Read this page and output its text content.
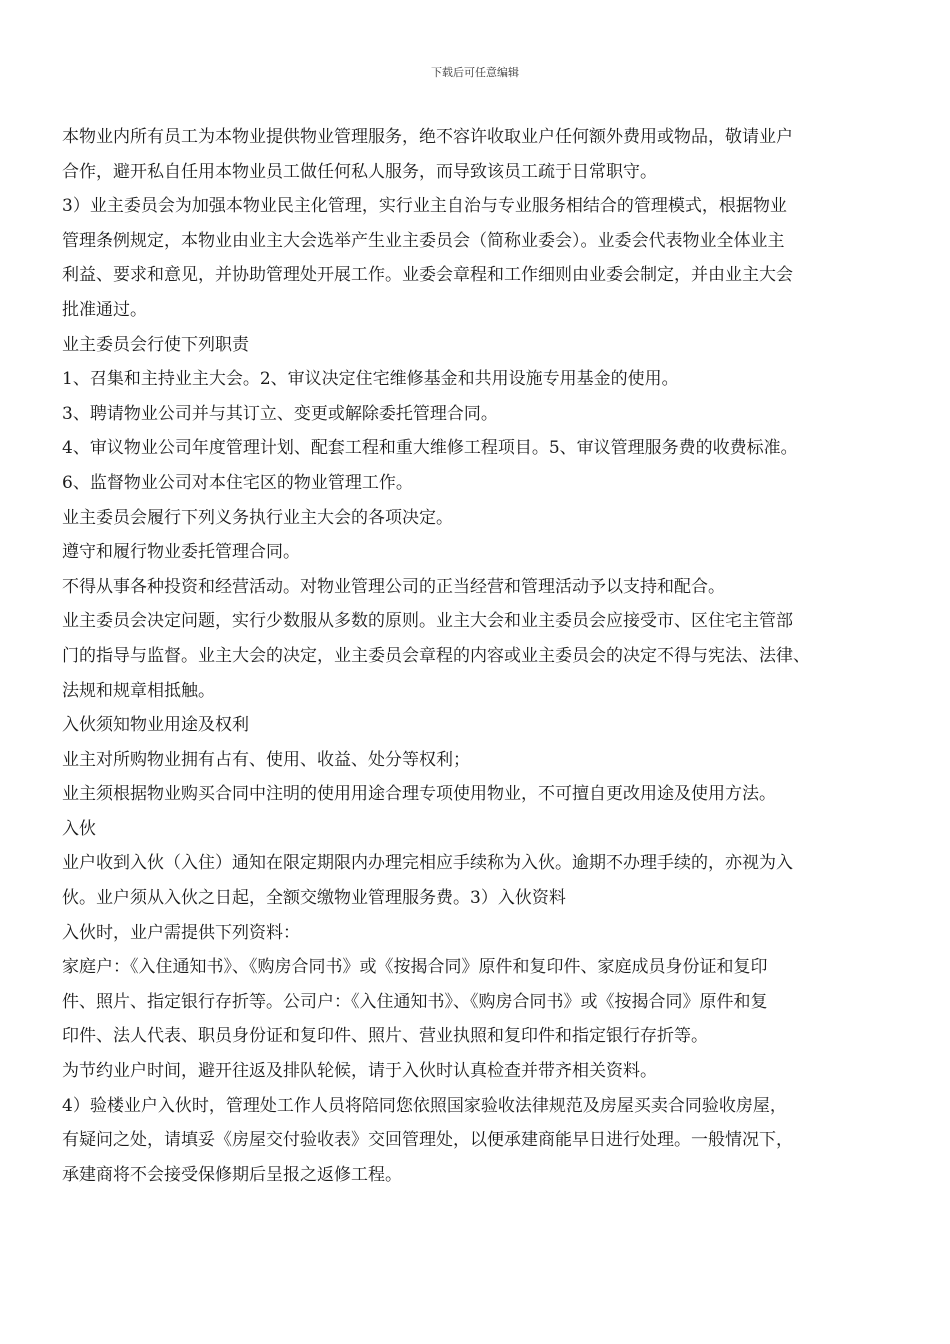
下载后可任意编辑
本物业内所有员工为本物业提供物业管理服务，绝不容许收取业户任何额外费用或物品，敬请业户
合作，避开私自任用本物业员工做任何私人服务，而导致该员工疏于日常职守。
3）业主委员会为加强本物业民主化管理，实行业主自治与专业服务相结合的管理模式，根据物业
管理条例规定，本物业由业主大会选举产生业主委员会（简称业委会）。业委会代表物业全体业主
利益、要求和意见，并协助管理处开展工作。业委会章程和工作细则由业委会制定，并由业主大会
批准通过。
业主委员会行使下列职责
1、召集和主持业主大会。2、审议决定住宅维修基金和共用设施专用基金的使用。
3、聘请物业公司并与其订立、变更或解除委托管理合同。
4、审议物业公司年度管理计划、配套工程和重大维修工程项目。5、审议管理服务费的收费标准。
6、监督物业公司对本住宅区的物业管理工作。
业主委员会履行下列义务执行业主大会的各项决定。
遵守和履行物业委托管理合同。
不得从事各种投资和经营活动。对物业管理公司的正当经营和管理活动予以支持和配合。
业主委员会决定问题，实行少数服从多数的原则。业主大会和业主委员会应接受市、区住宅主管部
门的指导与监督。业主大会的决定，业主委员会章程的内容或业主委员会的决定不得与宪法、法律、
法规和规章相抵触。
入伙须知物业用途及权利
业主对所购物业拥有占有、使用、收益、处分等权利；
业主须根据物业购买合同中注明的使用用途合理专项使用物业，不可擅自更改用途及使用方法。
入伙
业户收到入伙（入住）通知在限定期限内办理完相应手续称为入伙。逾期不办理手续的，亦视为入
伙。业户须从入伙之日起，全额交缴物业管理服务费。3）入伙资料
入伙时，业户需提供下列资料：
家庭户：《入住通知书》、《购房合同书》或《按揭合同》原件和复印件、家庭成员身份证和复印
件、照片、指定银行存折等。公司户：《入住通知书》、《购房合同书》或《按揭合同》原件和复
印件、法人代表、职员身份证和复印件、照片、营业执照和复印件和指定银行存折等。
为节约业户时间，避开往返及排队轮候，请于入伙时认真检查并带齐相关资料。
4）验楼业户入伙时，管理处工作人员将陪同您依照国家验收法律规范及房屋买卖合同验收房屋，
有疑问之处，请填妥《房屋交付验收表》交回管理处，以便承建商能早日进行处理。一般情况下，
承建商将不会接受保修期后呈报之返修工程。
